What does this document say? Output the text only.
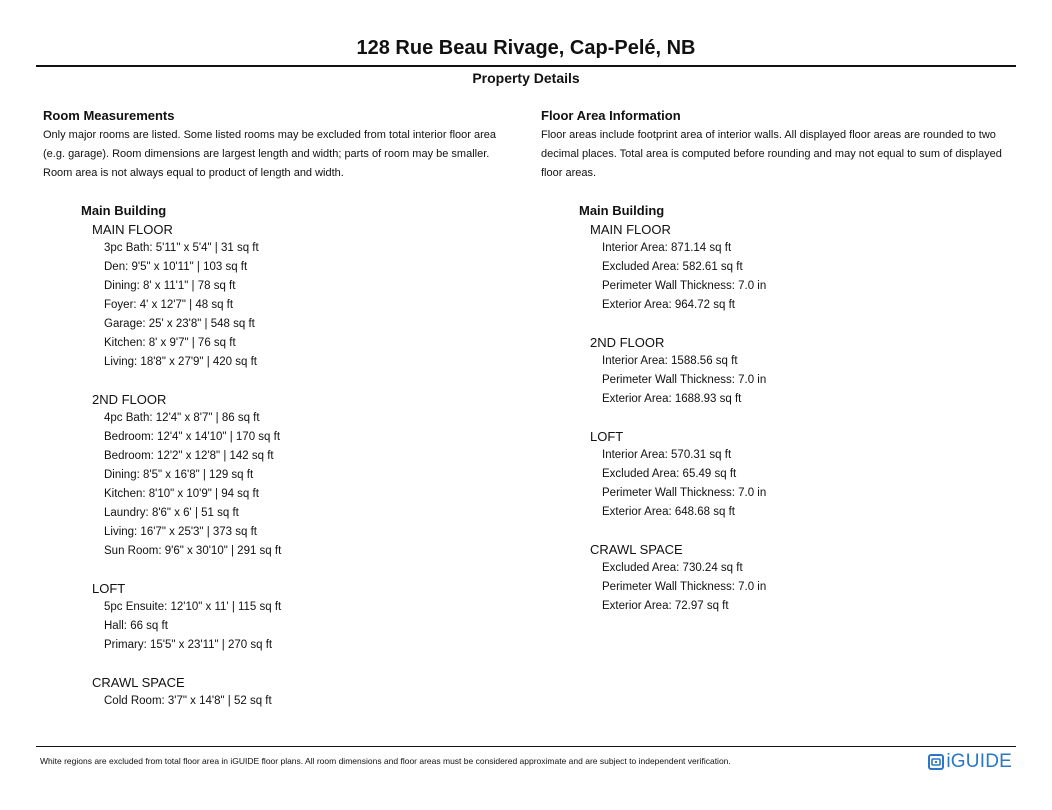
128 Rue Beau Rivage, Cap-Pelé, NB
Property Details
Room Measurements
Only major rooms are listed. Some listed rooms may be excluded from total interior floor area (e.g. garage). Room dimensions are largest length and width; parts of room may be smaller. Room area is not always equal to product of length and width.
Main Building
MAIN FLOOR
3pc Bath: 5'11" x 5'4" | 31 sq ft
Den: 9'5" x 10'11" | 103 sq ft
Dining: 8' x 11'1" | 78 sq ft
Foyer: 4' x 12'7" | 48 sq ft
Garage: 25' x 23'8" | 548 sq ft
Kitchen: 8' x 9'7" | 76 sq ft
Living: 18'8" x 27'9" | 420 sq ft
2ND FLOOR
4pc Bath: 12'4" x 8'7" | 86 sq ft
Bedroom: 12'4" x 14'10" | 170 sq ft
Bedroom: 12'2" x 12'8" | 142 sq ft
Dining: 8'5" x 16'8" | 129 sq ft
Kitchen: 8'10" x 10'9" | 94 sq ft
Laundry: 8'6" x 6' | 51 sq ft
Living: 16'7" x 25'3" | 373 sq ft
Sun Room: 9'6" x 30'10" | 291 sq ft
LOFT
5pc Ensuite: 12'10" x 11' | 115 sq ft
Hall: 66 sq ft
Primary: 15'5" x 23'11" | 270 sq ft
CRAWL SPACE
Cold Room: 3'7" x 14'8" | 52 sq ft
Floor Area Information
Floor areas include footprint area of interior walls. All displayed floor areas are rounded to two decimal places. Total area is computed before rounding and may not equal to sum of displayed floor areas.
Main Building
MAIN FLOOR
Interior Area: 871.14 sq ft
Excluded Area: 582.61 sq ft
Perimeter Wall Thickness: 7.0 in
Exterior Area: 964.72 sq ft
2ND FLOOR
Interior Area: 1588.56 sq ft
Perimeter Wall Thickness: 7.0 in
Exterior Area: 1688.93 sq ft
LOFT
Interior Area: 570.31 sq ft
Excluded Area: 65.49 sq ft
Perimeter Wall Thickness: 7.0 in
Exterior Area: 648.68 sq ft
CRAWL SPACE
Excluded Area: 730.24 sq ft
Perimeter Wall Thickness: 7.0 in
Exterior Area: 72.97 sq ft
White regions are excluded from total floor area in iGUIDE floor plans. All room dimensions and floor areas must be considered approximate and are subject to independent verification.	iGUIDE
